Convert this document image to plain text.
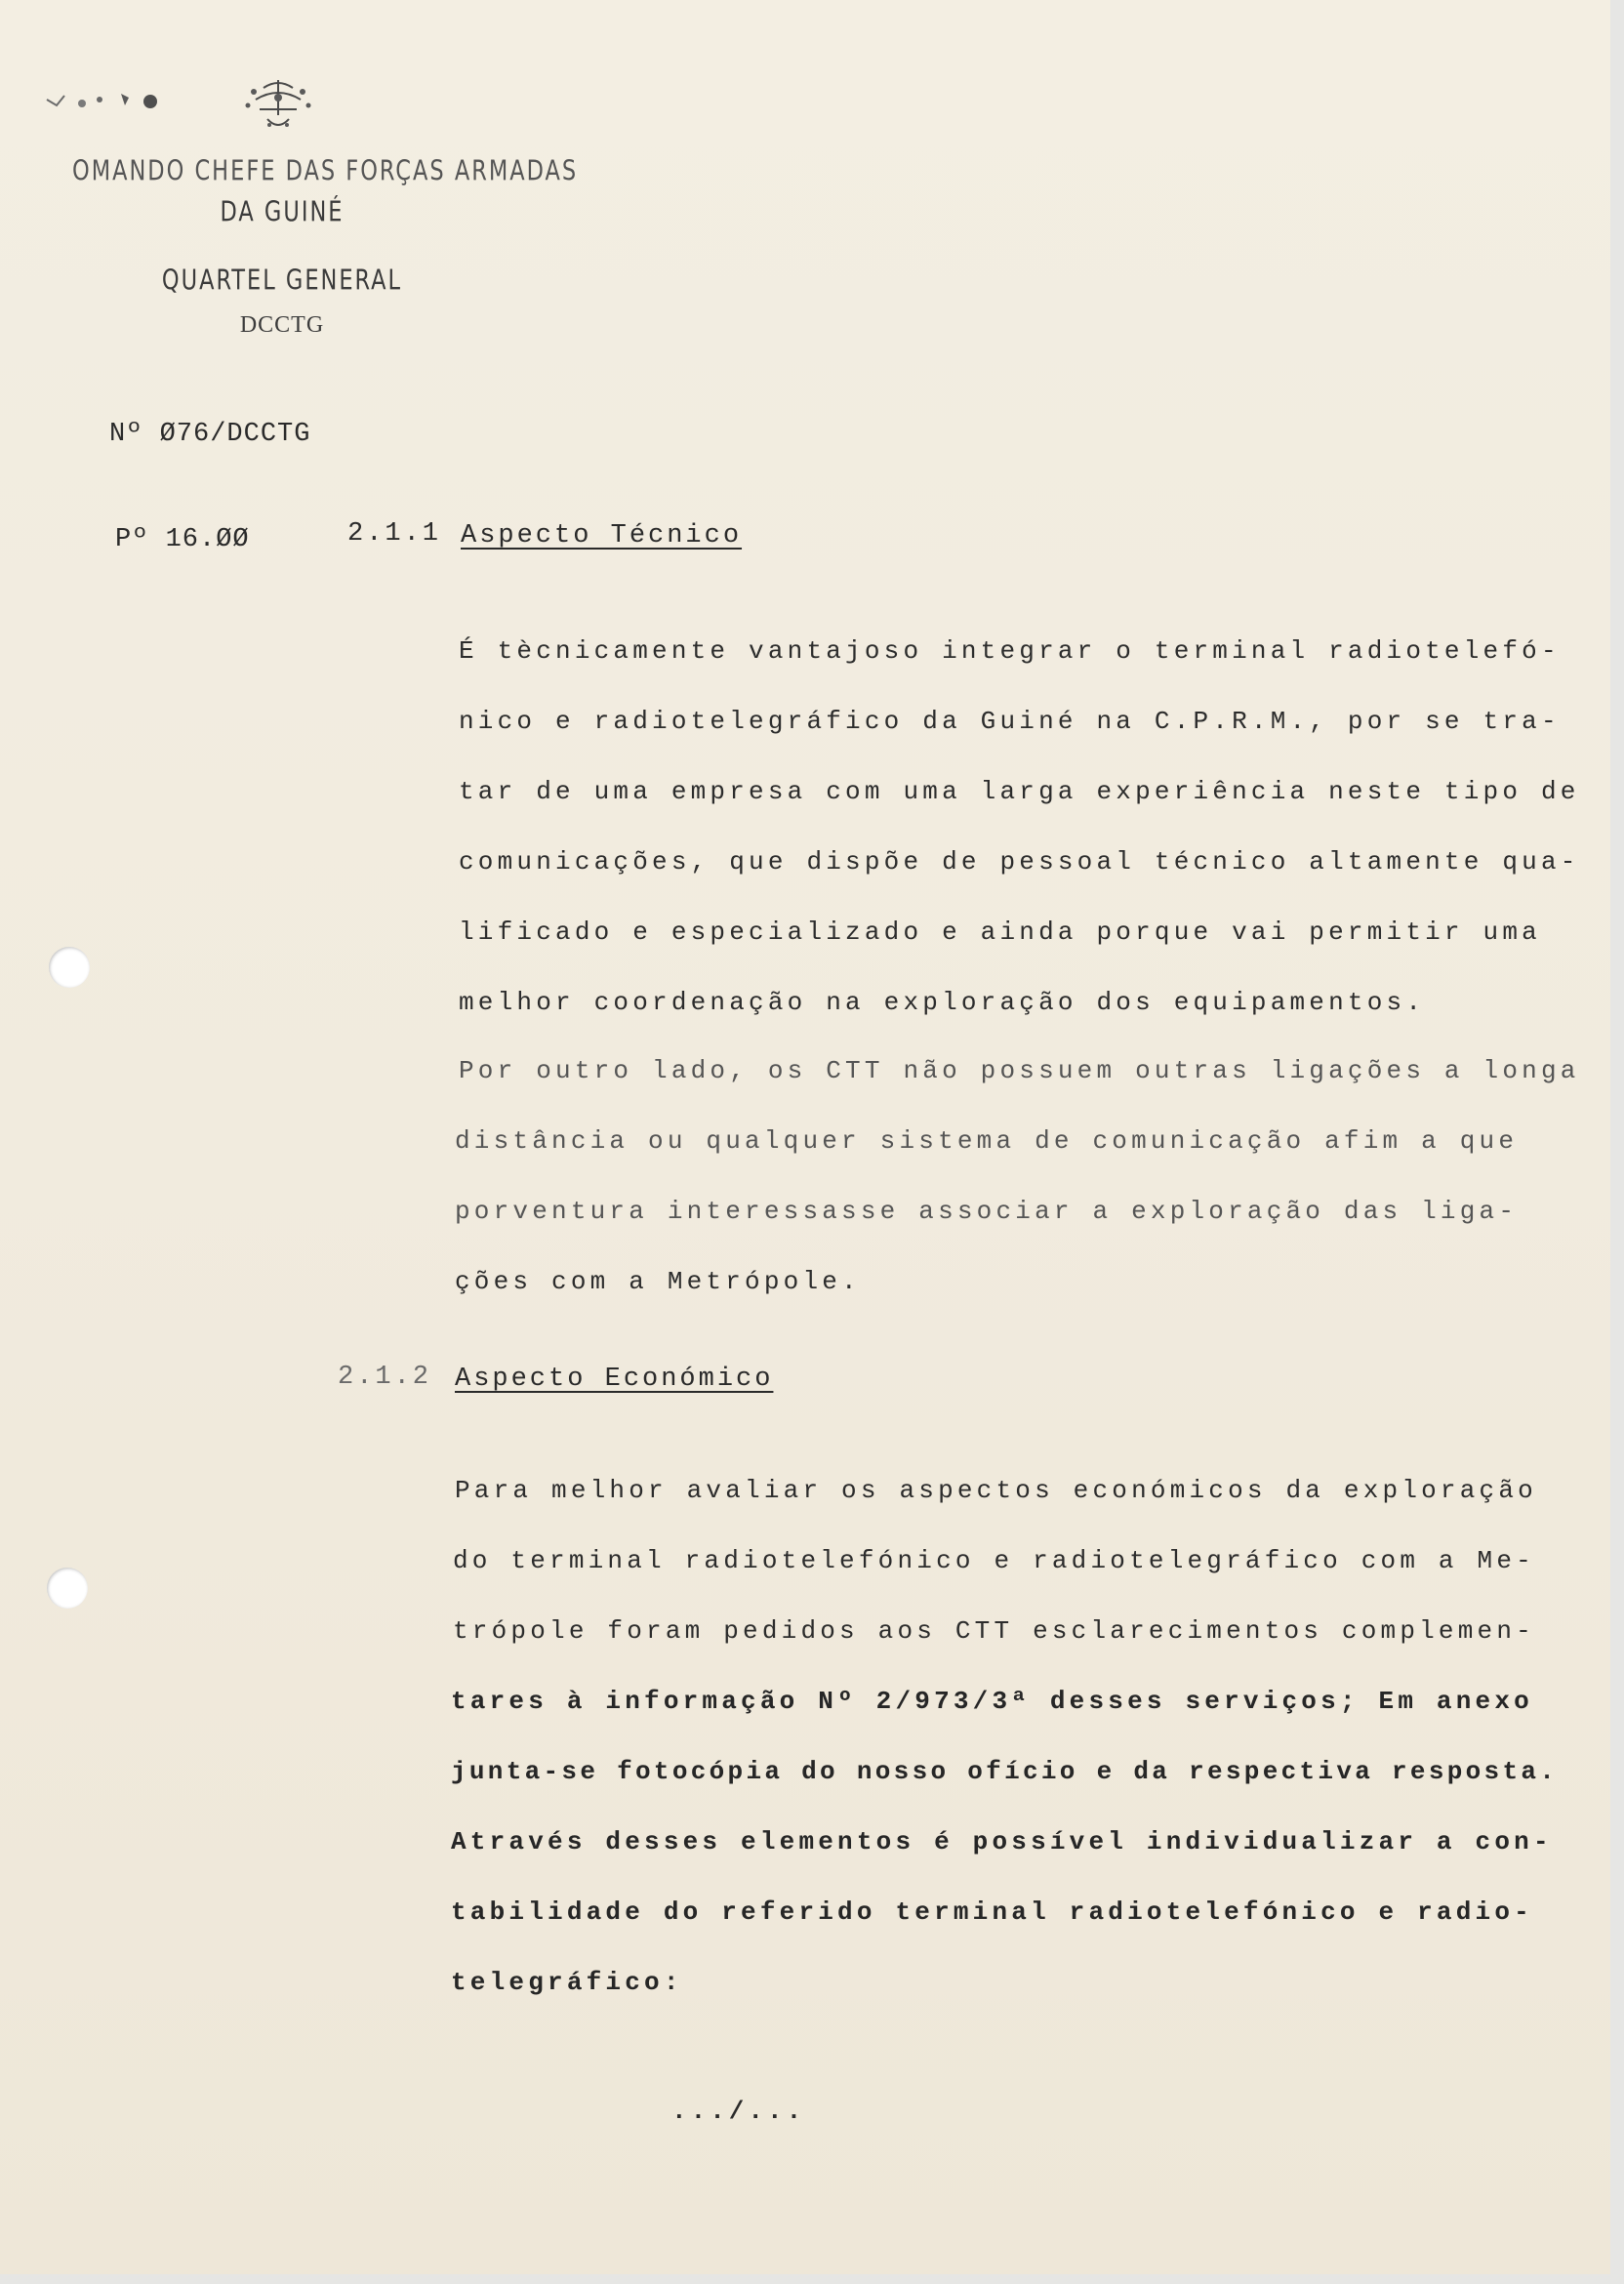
OMANDO CHEFE DAS FORÇAS ARMADAS
DA GUINÉ
QUARTEL GENERAL
DCCTG
Nº Ø76/DCCTG
Pº 16.ØØ	2.1.1 Aspecto Técnico
É tècnicamente vantajoso integrar o terminal radiotelefó-
nico e radiotelegráfico da Guiné na C.P.R.M., por se tra-
tar de uma empresa com uma larga experiência neste tipo de
comunicações, que dispõe de pessoal técnico altamente qua-
lificado e especializado e ainda porque vai permitir uma
melhor coordenação na exploração dos equipamentos.
Por outro lado, os CTT não possuem outras ligações a longa
distância ou qualquer sistema de comunicação afim a que
porventura interessasse associar a exploração das liga-
ções com a Metrópole.
2.1.2 Aspecto Económico
Para melhor avaliar os aspectos económicos da exploração
do terminal radiotelefónico e radiotelegráfico com a Me-
trópole foram pedidos aos CTT esclarecimentos complemen-
tares à informação Nº 2/973/3ª desses serviços; Em anexo
junta-se fotocópia do nosso ofício e da respectiva resposta.
Através desses elementos é possível individualizar a con-
tabilidade do referido terminal radiotelefónico e radio-
telegráfico:
.../...
